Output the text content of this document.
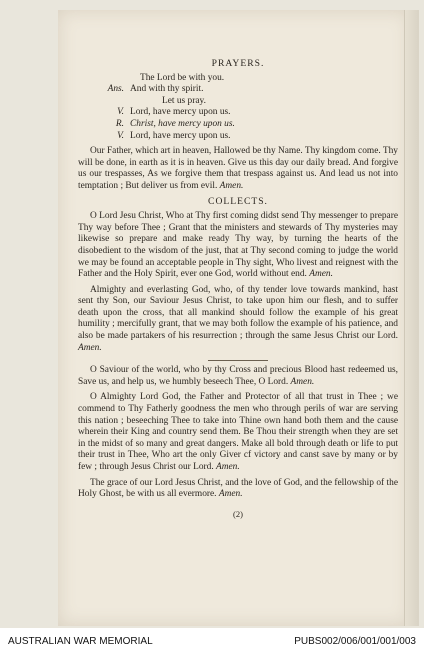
PRAYERS.
The Lord be with you.
Ans. And with thy spirit.
Let us pray.
V. Lord, have mercy upon us.
R. Christ, have mercy upon us.
V. Lord, have mercy upon us.

Our Father, which art in heaven, Hallowed be thy Name. Thy kingdom come. Thy will be done, in earth as it is in heaven. Give us this day our daily bread. And forgive us our trespasses, As we forgive them that trespass against us. And lead us not into temptation ; But deliver us from evil. Amen.

COLLECTS.

O Lord Jesu Christ, Who at Thy first coming didst send Thy messenger to prepare Thy way before Thee ; Grant that the ministers and stewards of Thy mysteries may likewise so prepare and make ready Thy way, by turning the hearts of the disobedient to the wisdom of the just, that at Thy second coming to judge the world we may be found an acceptable people in Thy sight, Who livest and reignest with the Father and the Holy Spirit, ever one God, world without end. Amen.

Almighty and everlasting God, who, of thy tender love towards mankind, hast sent thy Son, our Saviour Jesus Christ, to take upon him our flesh, and to suffer death upon the cross, that all mankind should follow the example of his great humility ; mercifully grant, that we may both follow the example of his patience, and also be made partakers of his resurrection ; through the same Jesus Christ our Lord. Amen.

O Saviour of the world, who by thy Cross and precious Blood hast redeemed us, Save us, and help us, we humbly beseech Thee, O Lord. Amen.

O Almighty Lord God, the Father and Protector of all that trust in Thee ; we commend to Thy Fatherly goodness the men who through perils of war are serving this nation ; beseeching Thee to take into Thine own hand both them and the cause wherein their King and country send them. Be Thou their strength when they are set in the midst of so many and great dangers. Make all bold through death or life to put their trust in Thee, Who art the only Giver cf victory and canst save by many or by few ; through Jesus Christ our Lord. Amen.

The grace of our Lord Jesus Christ, and the love of God, and the fellowship of the Holy Ghost, be with us all evermore. Amen.

(2)
AUSTRALIAN WAR MEMORIAL	PUBS002/006/001/001/003
